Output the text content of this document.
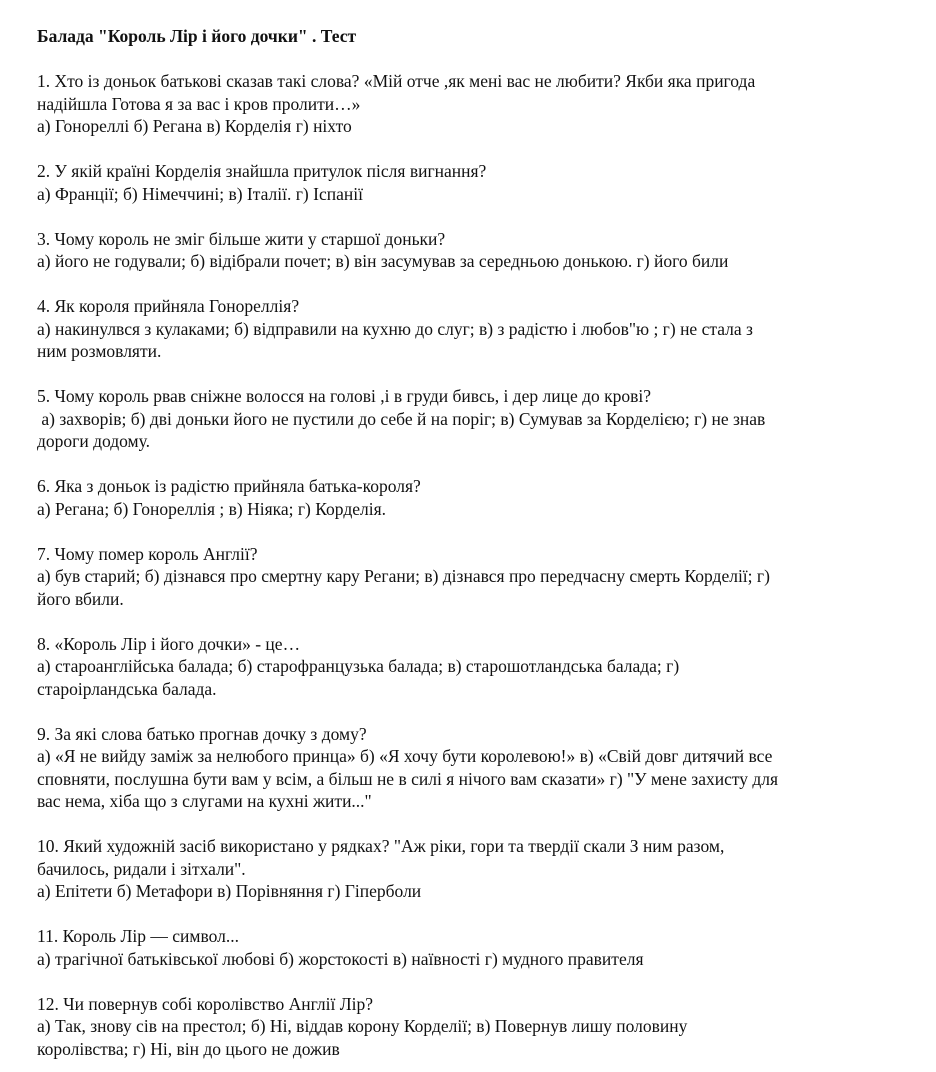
Балада "Король Лір і його дочки" . Тест
1. Хто із доньок батькові сказав такі слова? «Мій отче ,як мені вас не любити? Якби яка пригода
надійшла Готова я за вас і кров пролити…»
а) Гонореллі б) Регана в) Корделія г) ніхто
2. У якій країні Корделія знайшла притулок після вигнання?
а) Франції; б) Німеччині; в) Італії. г) Іспанії
3. Чому король не зміг більше жити у старшої доньки?
а) його не годували; б) відібрали почет; в) він засумував за середньою донькою. г) його били
4. Як короля прийняла Гонореллія?
а) накинулвся з кулаками; б) відправили на кухню до слуг; в) з радістю і любов"ю ; г) не стала з
ним розмовляти.
5. Чому король рвав сніжне волосся на голові ,і в груди бивсь, і дер лице до крові?
а) захворів; б) дві доньки його не пустили до себе й на поріг; в) Сумував за Корделією; г) не знав
дороги додому.
6. Яка з доньок із радістю прийняла батька-короля?
а) Регана; б) Гонореллія ; в) Ніяка; г) Корделія.
7. Чому помер король Англії?
а) був старий; б) дізнався про смертну кару Регани; в) дізнався про передчасну смерть Корделії; г)
його вбили.
8. «Король Лір і його дочки» - це…
а) староанглійська балада; б) старофранцузька балада; в) старошотландська балада; г)
староірландська балада.
9. За які слова батько прогнав дочку з дому?
а) «Я не вийду заміж за нелюбого принца» б) «Я хочу бути королевою!» в) «Свій довг дитячий все
сповняти, послушна бути вам у всім, а більш не в силі я нічого вам сказати» г) "У мене захисту для
вас нема, хіба що з слугами на кухні жити..."
10. Який художній засіб використано у рядках? "Аж ріки, гори та твердії скали З ним разом,
бачилось, ридали і зітхали".
а) Епітети б) Метафори в) Порівняння г) Гіперболи
11. Король Лір — символ...
а) трагічної батьківської любові б) жорстокості в) наївності г) мудного правителя
12. Чи повернув собі королівство Англії Лір?
а) Так, знову сів на престол; б) Ні, віддав корону Корделії; в) Повернув лишу половину
королівства; г) Ні, він до цього не дожив
